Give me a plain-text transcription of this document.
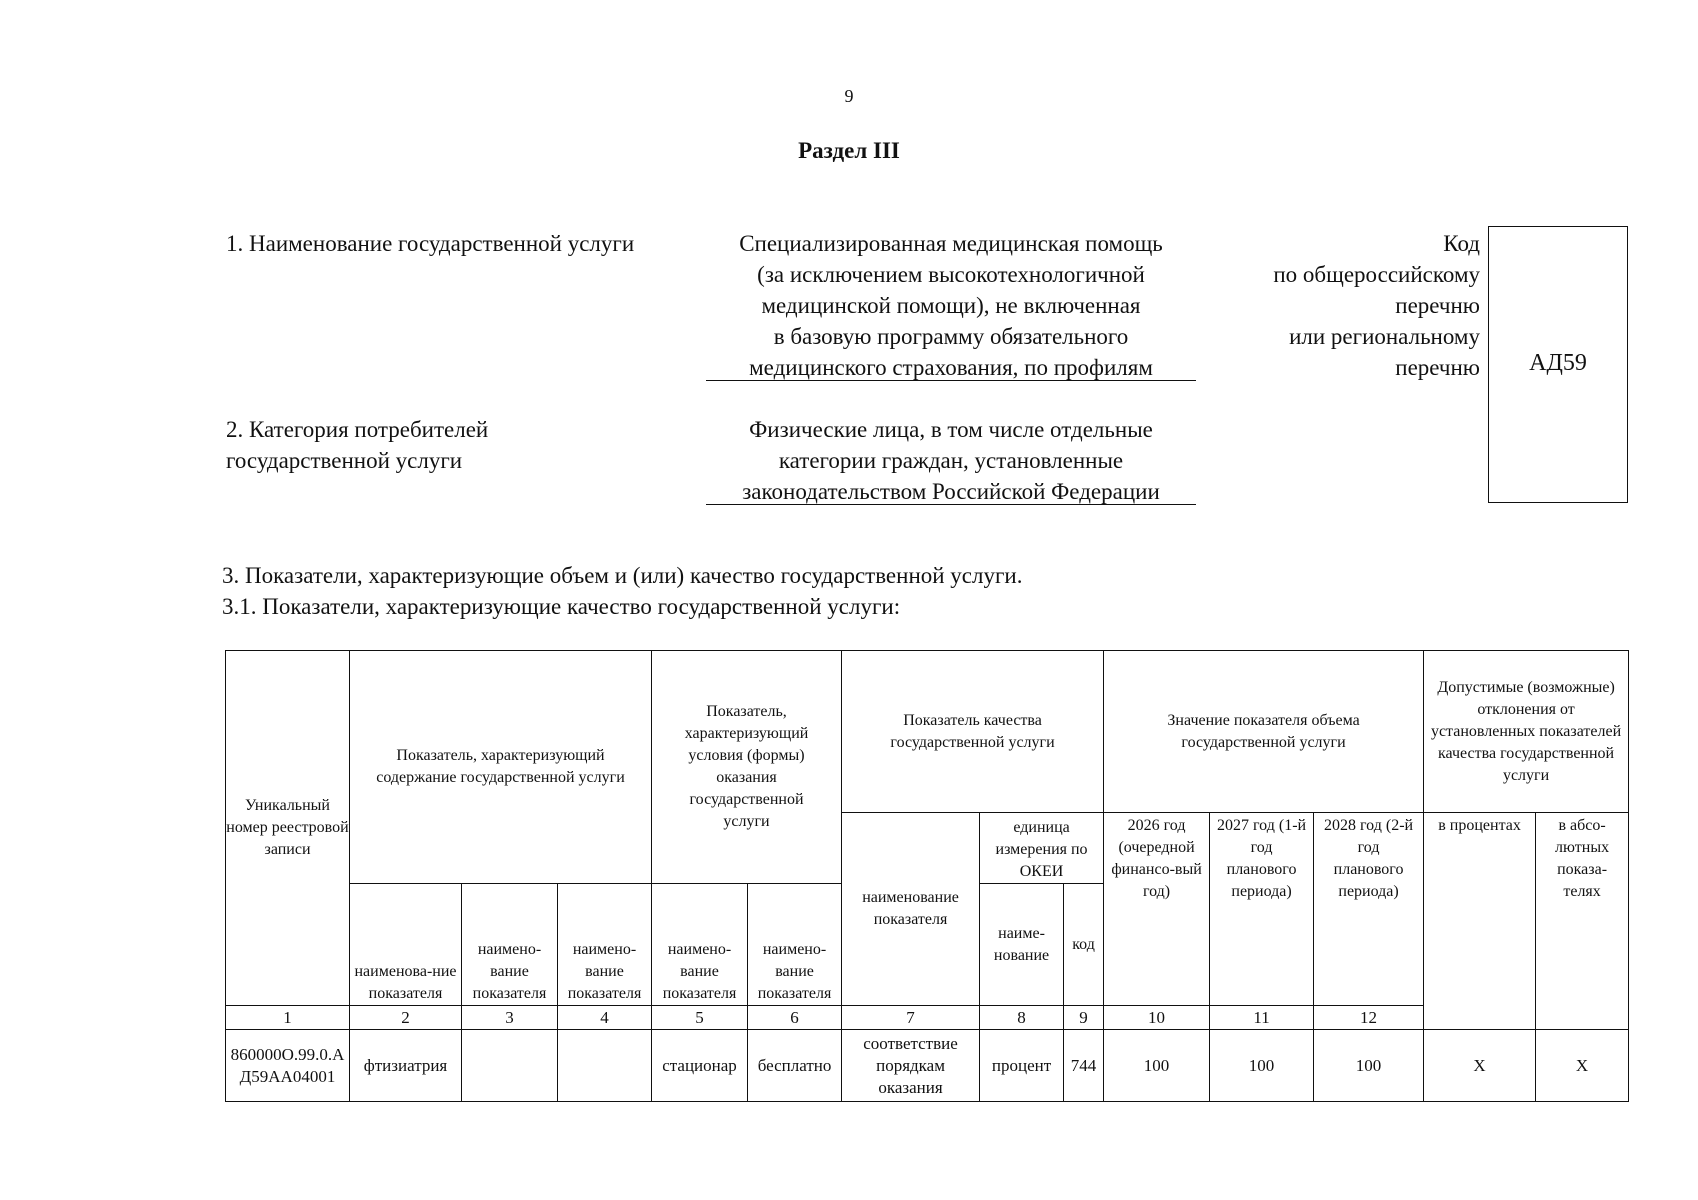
9
Раздел III
1. Наименование государственной услуги	Специализированная медицинская помощь
(за исключением высокотехнологичной
медицинской помощи), не включенная
в базовую программу обязательного
медицинского страхования, по профилям
2. Категория потребителей
государственной услуги
Физические лица, в том числе отдельные
категории граждан, установленные
законодательством Российской Федерации
Код
по общероссийскому
перечню
или региональному
перечню	АД59
3. Показатели, характеризующие объем и (или) качество государственной услуги.
3.1. Показатели, характеризующие качество государственной услуги:
Уникальный номер реестровой записи	Показатель, характеризующий содержание государственной услуги			Показатель, характеризующий условия (формы) оказания государственной услуги		Показатель качества государственной услуги			Значение показателя объема государственной услуги			Допустимые (возможные) отклонения от установленных показателей качества государственной услуги		
						наименование показателя	единица измерения по ОКЕИ		2026 год (очередной финансо-вый год)	2027 год (1-й год планового периода)	2028 год (2-й год планового периода)	в процентах	в абсо-лютных показа-телях	
	наименова-ние показателя	наимено-вание показателя	наимено-вание показателя	наимено-вание показателя	наимено-вание показателя		наиме-нование	код						
1	2	3	4	5	6	7	8	9	10	11	12		
860000О.99.0.АД59АА04001	фтизиатрия			стационар	бесплатно	соответствие порядкам оказания	процент	744	100	100	100	Х	Х	
